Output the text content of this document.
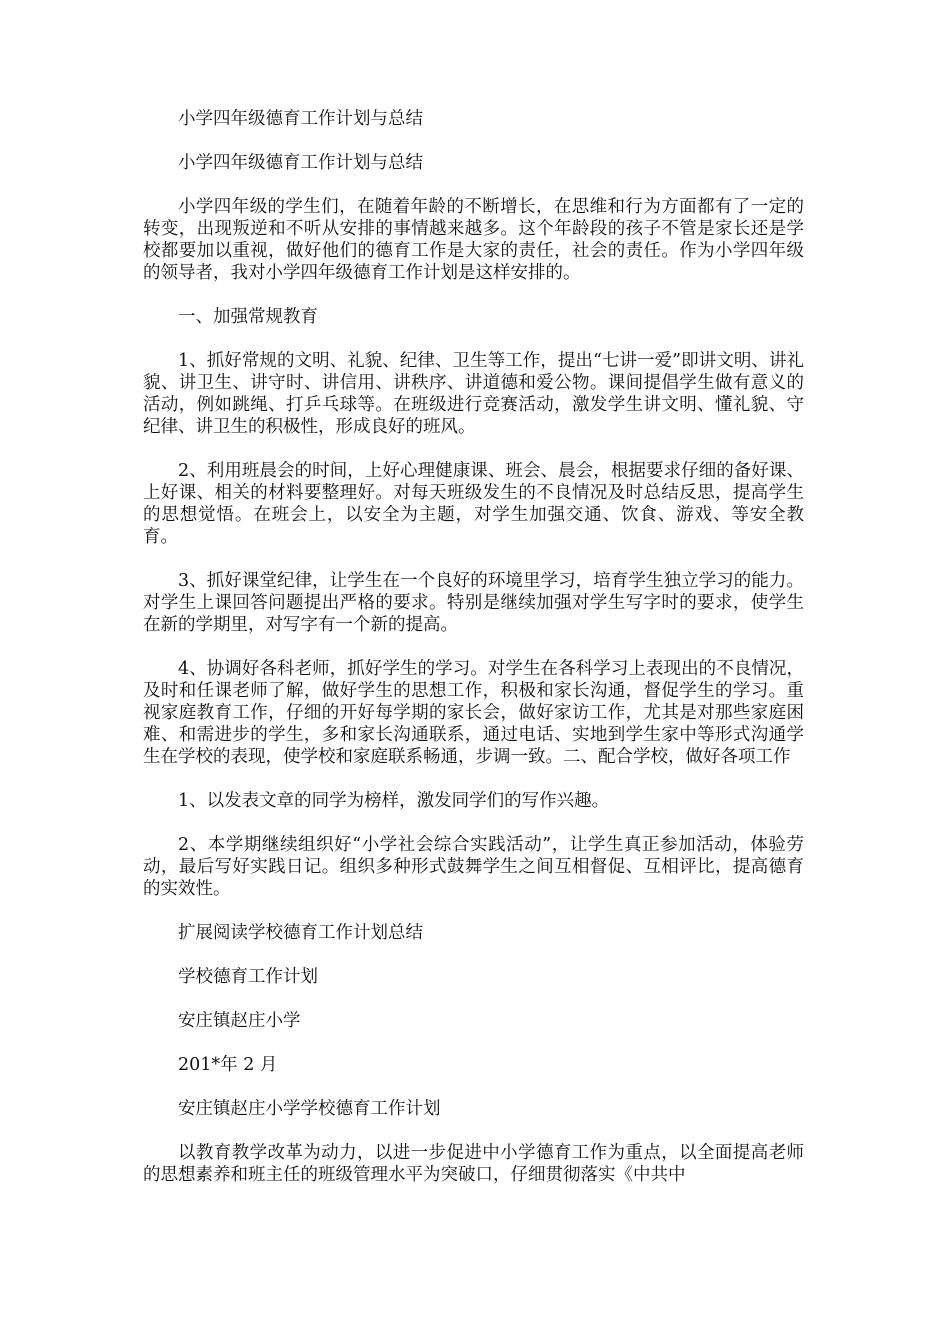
小学四年级德育工作计划与总结

小学四年级德育工作计划与总结

小学四年级的学生们，在随着年龄的不断增长，在思维和行为方面都有了一定的转变，出现叛逆和不听从安排的事情越来越多。这个年龄段的孩子不管是家长还是学校都要加以重视，做好他们的德育工作是大家的责任，社会的责任。作为小学四年级的领导者，我对小学四年级德育工作计划是这样安排的。

一、加强常规教育

1、抓好常规的文明、礼貌、纪律、卫生等工作，提出“七讲一爱”即讲文明、讲礼貌、讲卫生、讲守时、讲信用、讲秩序、讲道德和爱公物。课间提倡学生做有意义的活动，例如跳绳、打乒乓球等。在班级进行竞赛活动，激发学生讲文明、懂礼貌、守纪律、讲卫生的积极性，形成良好的班风。

2、利用班晨会的时间，上好心理健康课、班会、晨会，根据要求仔细的备好课、上好课、相关的材料要整理好。对每天班级发生的不良情况及时总结反思，提高学生的思想觉悟。在班会上，以安全为主题，对学生加强交通、饮食、游戏、等安全教育。

3、抓好课堂纪律，让学生在一个良好的环境里学习，培育学生独立学习的能力。对学生上课回答问题提出严格的要求。特别是继续加强对学生写字时的要求，使学生在新的学期里，对写字有一个新的提高。

4、协调好各科老师，抓好学生的学习。对学生在各科学习上表现出的不良情况，及时和任课老师了解，做好学生的思想工作，积极和家长沟通，督促学生的学习。重视家庭教育工作，仔细的开好每学期的家长会，做好家访工作，尤其是对那些家庭困难、和需进步的学生，多和家长沟通联系，通过电话、实地到学生家中等形式沟通学生在学校的表现，使学校和家庭联系畅通，步调一致。二、配合学校，做好各项工作

1、以发表文章的同学为榜样，激发同学们的写作兴趣。

2、本学期继续组织好“小学社会综合实践活动”，让学生真正参加活动，体验劳动，最后写好实践日记。组织多种形式鼓舞学生之间互相督促、互相评比，提高德育的实效性。

扩展阅读学校德育工作计划总结

学校德育工作计划

安庄镇赵庄小学

201*年 2 月

安庄镇赵庄小学学校德育工作计划

以教育教学改革为动力，以进一步促进中小学德育工作为重点，以全面提高老师的思想素养和班主任的班级管理水平为突破口，仔细贯彻落实《中共中
